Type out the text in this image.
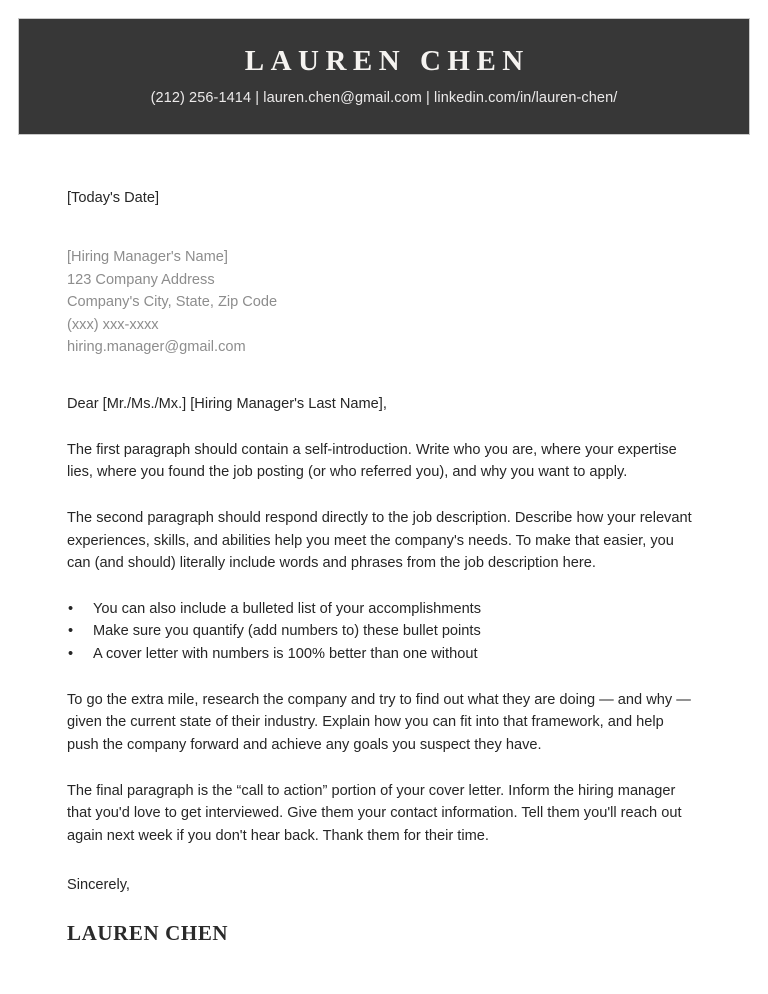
LAUREN CHEN
(212) 256-1414 | lauren.chen@gmail.com | linkedin.com/in/lauren-chen/
[Today's Date]
[Hiring Manager's Name]
123 Company Address
Company's City, State, Zip Code
(xxx) xxx-xxxx
hiring.manager@gmail.com
Dear [Mr./Ms./Mx.] [Hiring Manager's Last Name],

The first paragraph should contain a self-introduction. Write who you are, where your expertise lies, where you found the job posting (or who referred you), and why you want to apply.

The second paragraph should respond directly to the job description. Describe how your relevant experiences, skills, and abilities help you meet the company's needs. To make that easier, you can (and should) literally include words and phrases from the job description here.

• You can also include a bulleted list of your accomplishments
• Make sure you quantify (add numbers to) these bullet points
• A cover letter with numbers is 100% better than one without

To go the extra mile, research the company and try to find out what they are doing — and why — given the current state of their industry. Explain how you can fit into that framework, and help push the company forward and achieve any goals you suspect they have.

The final paragraph is the “call to action” portion of your cover letter. Inform the hiring manager that you'd love to get interviewed. Give them your contact information. Tell them you'll reach out again next week if you don't hear back. Thank them for their time.

Sincerely,
LAUREN CHEN
